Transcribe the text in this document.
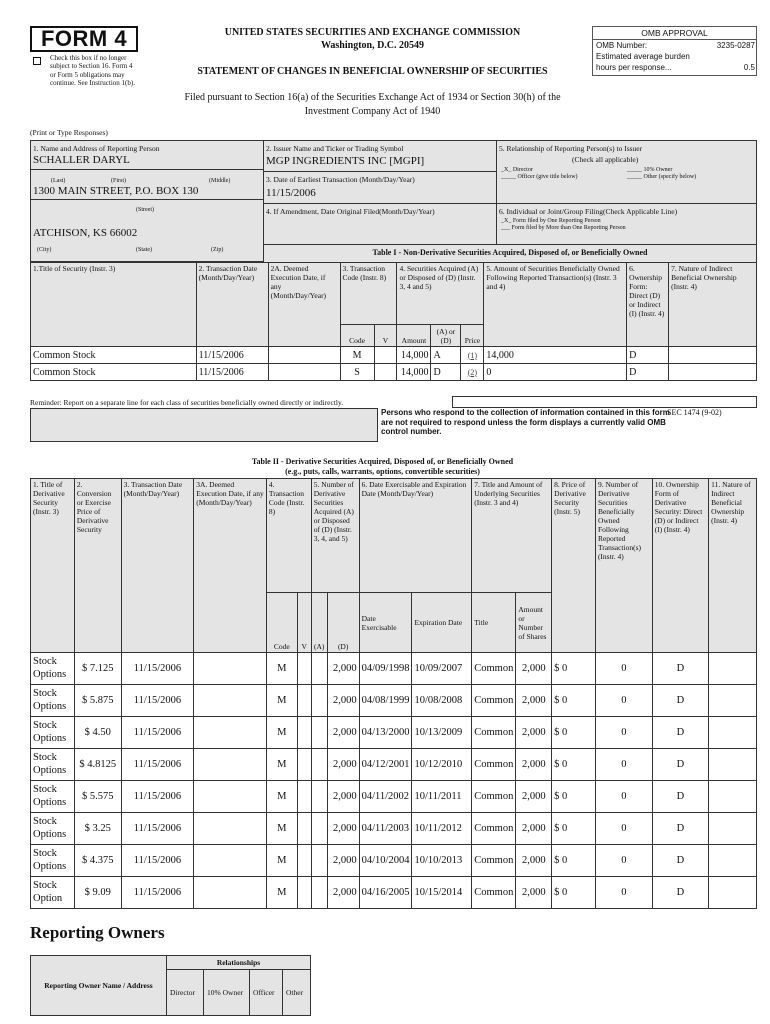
FORM 4
Check this box if no longer subject to Section 16. Form 4 or Form 5 obligations may continue. See Instruction 1(b).
UNITED STATES SECURITIES AND EXCHANGE COMMISSION
Washington, D.C. 20549
STATEMENT OF CHANGES IN BENEFICIAL OWNERSHIP OF SECURITIES
Filed pursuant to Section 16(a) of the Securities Exchange Act of 1934 or Section 30(h) of the
Investment Company Act of 1940
OMB APPROVAL
OMB Number:	3235-0287
Estimated average burden
hours per response...	0.5
(Print or Type Responses)
1. Name and Address of Reporting Person
SCHALLER DARYL
(Last)	(First)	(Middle)
1300 MAIN STREET, P.O. BOX 130
(Street)
ATCHISON, KS 66002
(City)	(State)	(Zip)
2. Issuer Name and Ticker or Trading Symbol
MGP INGREDIENTS INC [MGPI]
3. Date of Earliest Transaction (Month/Day/Year)
11/15/2006
4. If Amendment, Date Original Filed(Month/Day/Year)
5. Relationship of Reporting Person(s) to Issuer
(Check all applicable)
_X_ Director	_____ 10% Owner
_____ Officer (give title below)	_____ Other (specify below)
6. Individual or Joint/Group Filing(Check Applicable Line)
_X_ Form filed by One Reporting Person
___ Form filed by More than One Reporting Person
Table I - Non-Derivative Securities Acquired, Disposed of, or Beneficially Owned
1.Title of Security (Instr. 3)	2. Transaction Date (Month/Day/Year)	2A. Deemed Execution Date, if any (Month/Day/Year)	3. Transaction Code (Instr. 8)		4. Securities Acquired (A) or Disposed of (D) (Instr. 3, 4 and 5)			5. Amount of Securities Beneficially Owned Following Reported Transaction(s) (Instr. 3 and 4)	6. Ownership Form: Direct (D) or Indirect (I) (Instr. 4)	7. Nature of Indirect Beneficial Ownership (Instr. 4)
			Code	V	Amount	(A) or (D)	Price			
Common Stock	11/15/2006		M		14,000	A	(1)	14,000	D	
Common Stock	11/15/2006		S		14,000	D	(2)	0	D	
Reminder: Report on a separate line for each class of securities beneficially owned directly or indirectly.
Persons who respond to the collection of information contained in this form are not required to respond unless the form displays a currently valid OMB control number.
SEC 1474 (9-02)
Table II - Derivative Securities Acquired, Disposed of, or Beneficially Owned
(e.g., puts, calls, warrants, options, convertible securities)
1. Title of Derivative Security (Instr. 3)	2. Conversion or Exercise Price of Derivative Security	3. Transaction Date (Month/Day/Year)	3A. Deemed Execution Date, if any (Month/Day/Year)	4. Transaction Code (Instr. 8)		5. Number of Derivative Securities Acquired (A) or Disposed of (D) (Instr. 3, 4, and 5)		6. Date Exercisable and Expiration Date (Month/Day/Year)		7. Title and Amount of Underlying Securities (Instr. 3 and 4)		8. Price of Derivative Security (Instr. 5)	9. Number of Derivative Securities Beneficially Owned Following Reported Transaction(s) (Instr. 4)	10. Ownership Form of Derivative Security: Direct (D) or Indirect (I) (Instr. 4)	11. Nature of Indirect Beneficial Ownership (Instr. 4)
				Code	V	(A)	(D)	Date Exercisable	Expiration Date	Title	Amount or Number of Shares				
Stock Options	$ 7.125	11/15/2006		M			2,000	04/09/1998	10/09/2007	Common	2,000	$ 0	0	D	
Stock Options	$ 5.875	11/15/2006		M			2,000	04/08/1999	10/08/2008	Common	2,000	$ 0	0	D	
Stock Options	$ 4.50	11/15/2006		M			2,000	04/13/2000	10/13/2009	Common	2,000	$ 0	0	D	
Stock Options	$ 4.8125	11/15/2006		M			2,000	04/12/2001	10/12/2010	Common	2,000	$ 0	0	D	
Stock Options	$ 5.575	11/15/2006		M			2,000	04/11/2002	10/11/2011	Common	2,000	$ 0	0	D	
Stock Options	$ 3.25	11/15/2006		M			2,000	04/11/2003	10/11/2012	Common	2,000	$ 0	0	D	
Stock Options	$ 4.375	11/15/2006		M			2,000	04/10/2004	10/10/2013	Common	2,000	$ 0	0	D	
Stock Option	$ 9.09	11/15/2006		M			2,000	04/16/2005	10/15/2014	Common	2,000	$ 0	0	D	
Reporting Owners
Reporting Owner Name / Address	Relationships			
	Director	10% Owner	Officer	Other
